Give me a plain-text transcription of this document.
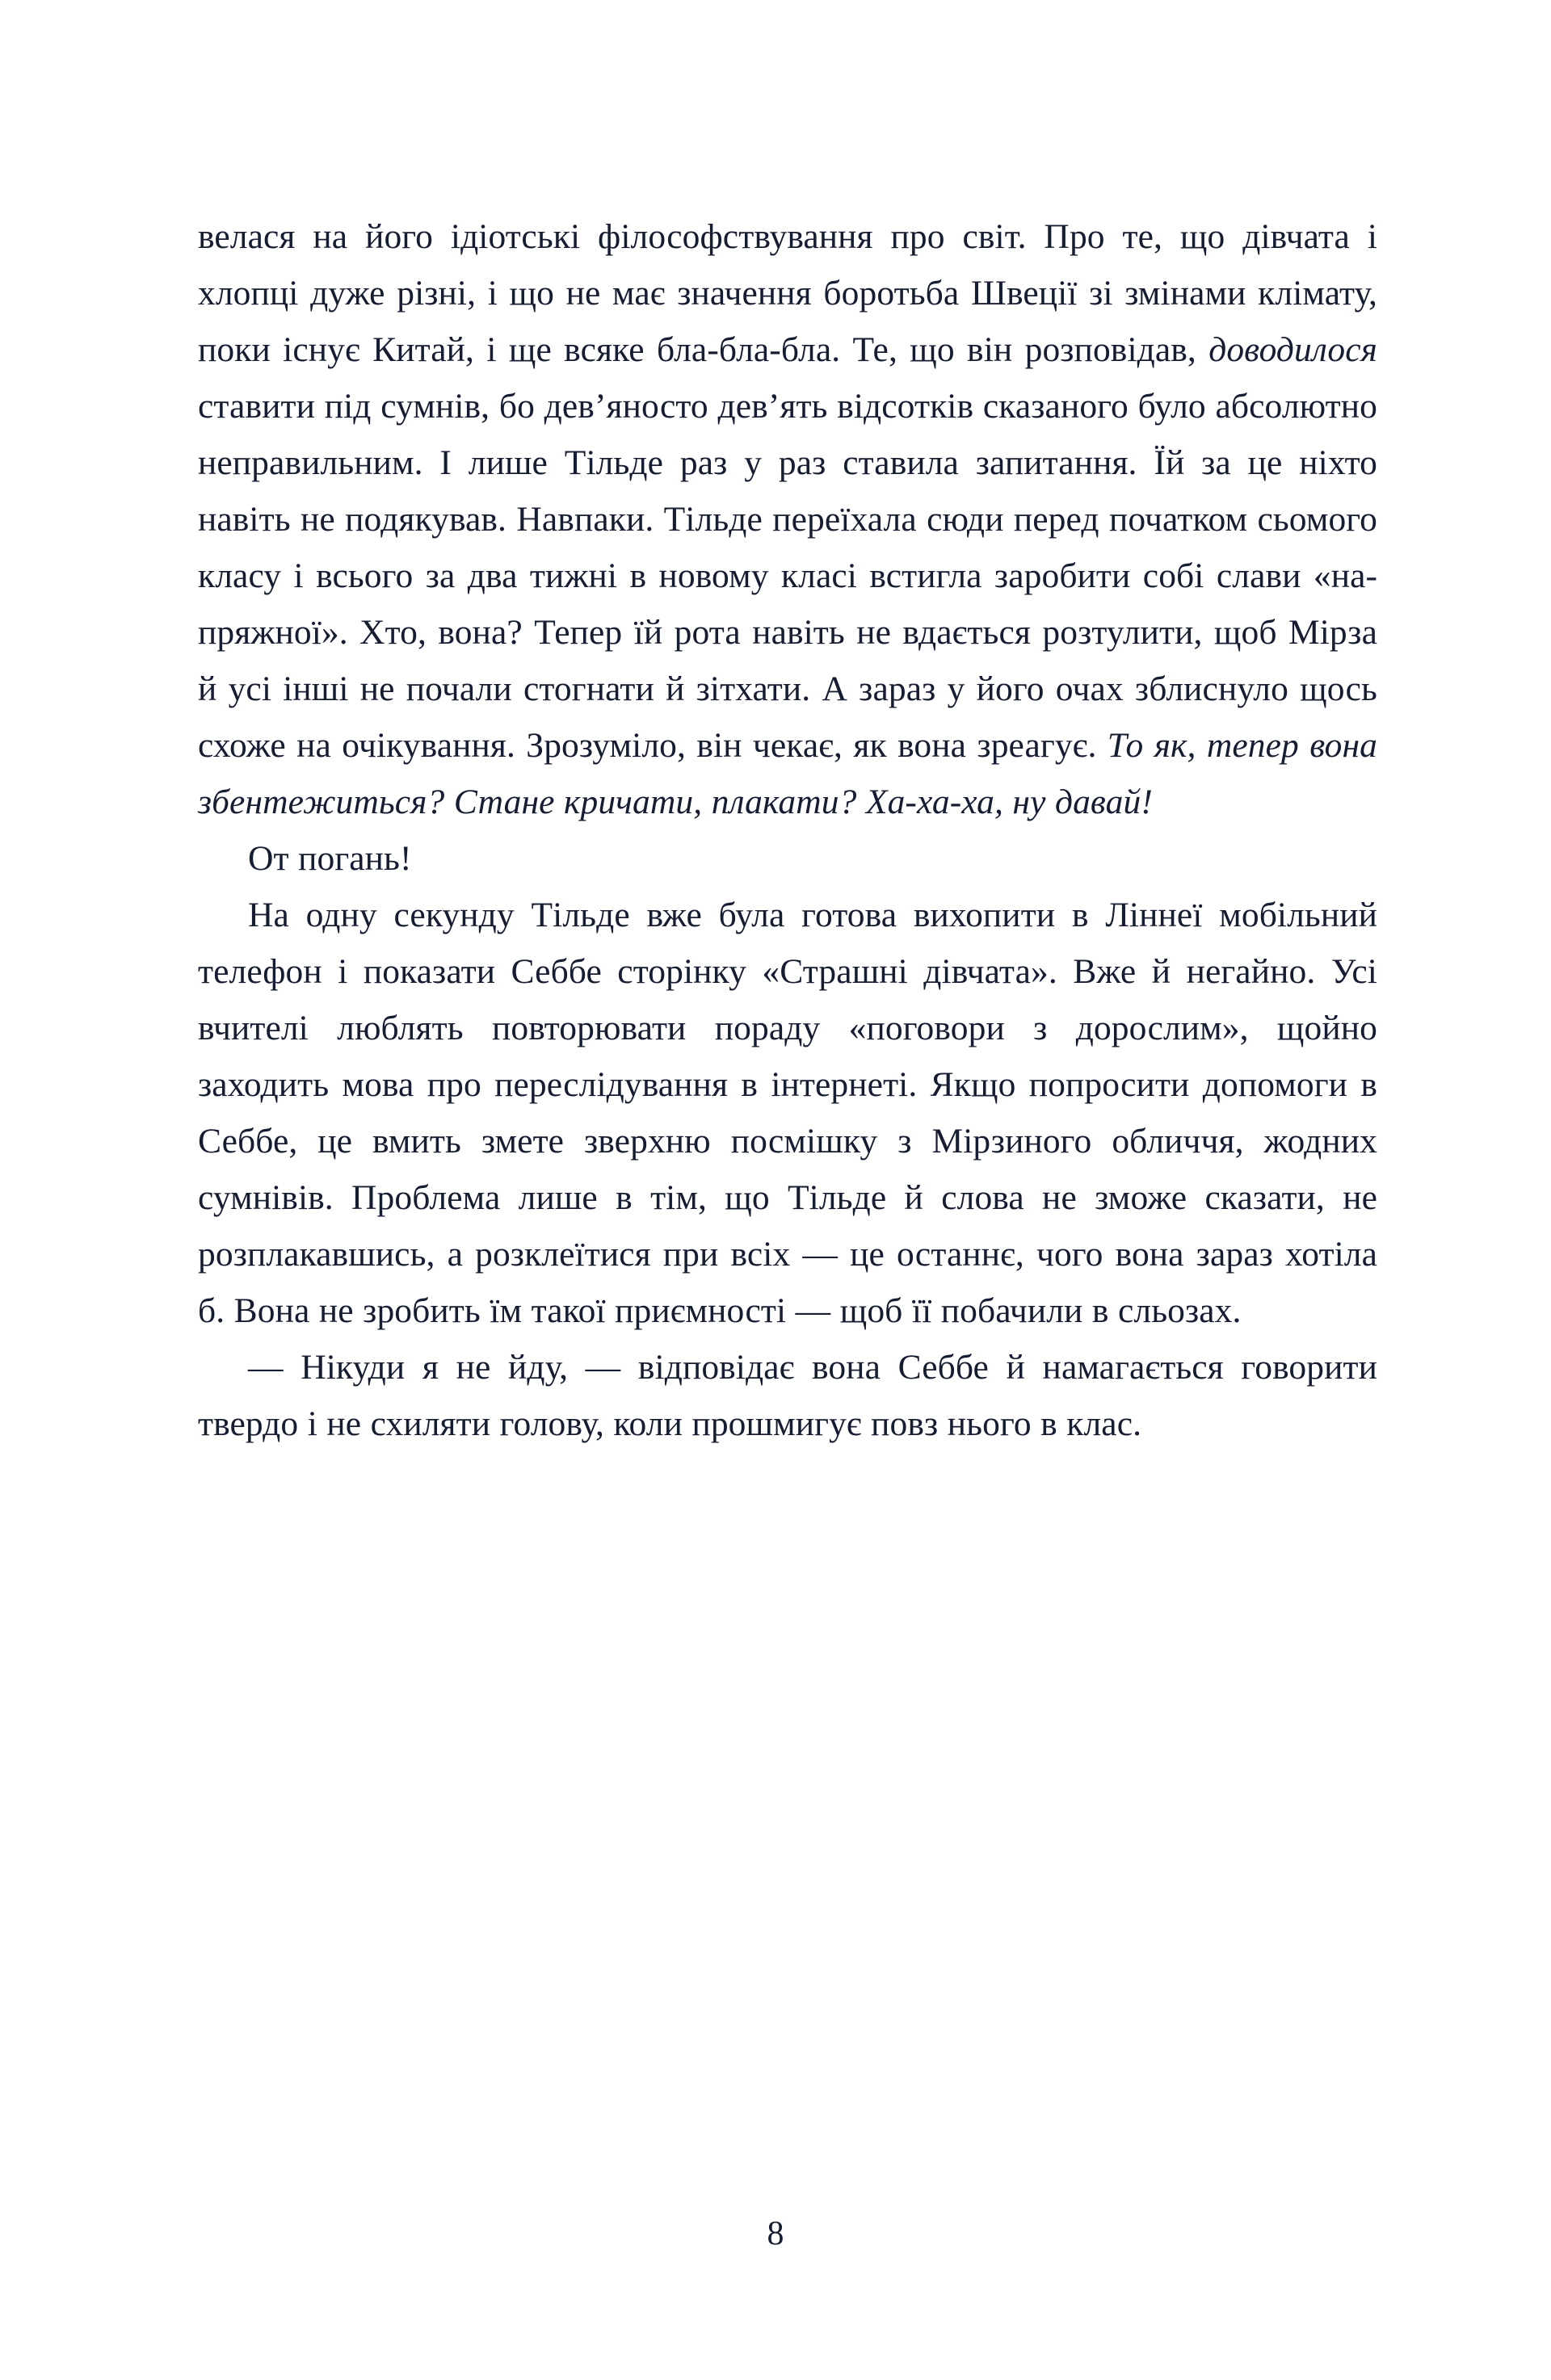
велася на його ідіотські філософствування про світ. Про те, що дівчата і хлопці дуже різні, і що не має значення боротьба Швеції зі змінами клімату, поки існує Китай, і ще всяке бла-бла-бла. Те, що він розповідав, доводилося ставити під сумнів, бо дев’яносто дев’ять відсотків сказаного було абсолютно неправильним. І лише Тільде раз у раз ставила запитання. Їй за це ніхто навіть не подякував. Навпаки. Тільде переїхала сюди перед початком сьомого класу і всього за два тижні в новому класі встигла заробити собі слави «напряжної». Хто, вона? Тепер їй рота навіть не вдається розтулити, щоб Мірза й усі інші не почали стогнати й зітхати. А зараз у його очах зблиснуло щось схоже на очікування. Зрозуміло, він чекає, як вона зреагує. То як, тепер вона збентежиться? Стане кричати, плакати? Ха-ха-ха, ну давай!

От погань!

На одну секунду Тільде вже була готова вихопити в Ліннеї мобільний телефон і показати Себбе сторінку «Страшні дівчата». Вже й негайно. Усі вчителі люблять повторювати пораду «поговори з дорослим», щойно заходить мова про переслідування в інтернеті. Якщо попросити допомоги в Себбе, це вмить змете зверхню посмішку з Мірзиного обличчя, жодних сумнівів. Проблема лише в тім, що Тільде й слова не зможе сказати, не розплакавшись, а розклеїтися при всіх — це останнє, чого вона зараз хотіла б. Вона не зробить їм такої приємності — щоб її побачили в сльозах.

— Нікуди я не йду, — відповідає вона Себбе й намагається говорити твердо і не схиляти голову, коли прошмигує повз нього в клас.

8
